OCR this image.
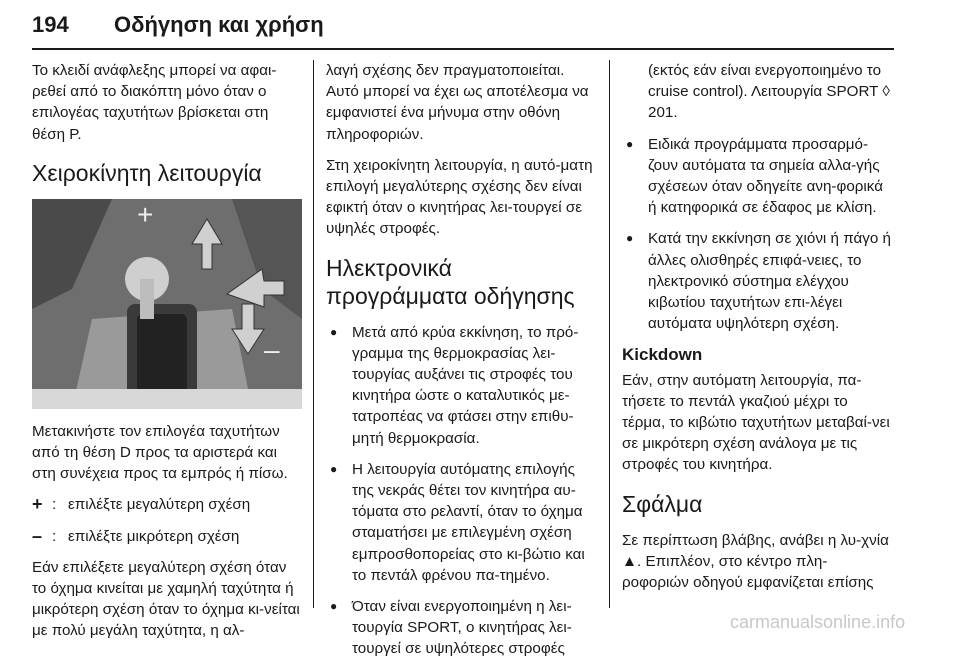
194 Οδήγηση και χρήση

Το κλειδί ανάφλεξης μπορεί να αφαι-ρεθεί από το διακόπτη μόνο όταν ο επιλογέας ταχυτήτων βρίσκεται στη θέση P.

Χειροκίνητη λειτουργία
+
–

Μετακινήστε τον επιλογέα ταχυτήτων από τη θέση D προς τα αριστερά και στη συνέχεια προς τα εμπρός ή πίσω.

+ : επιλέξτε μεγαλύτερη σχέση
– : επιλέξτε μικρότερη σχέση

Εάν επιλέξετε μεγαλύτερη σχέση όταν το όχημα κινείται με χαμηλή ταχύτητα ή μικρότερη σχέση όταν το όχημα κι-νείται με πολύ μεγάλη ταχύτητα, η αλ-

λαγή σχέσης δεν πραγματοποιείται. Αυτό μπορεί να έχει ως αποτέλεσμα να εμφανιστεί ένα μήνυμα στην οθόνη πληροφοριών.

Στη χειροκίνητη λειτουργία, η αυτό-ματη επιλογή μεγαλύτερης σχέσης δεν είναι εφικτή όταν ο κινητήρας λει-τουργεί σε υψηλές στροφές.

Ηλεκτρονικά προγράμματα οδήγησης
● Μετά από κρύα εκκίνηση, το πρό-γραμμα της θερμοκρασίας λει-τουργίας αυξάνει τις στροφές του κινητήρα ώστε ο καταλυτικός με-τατροπέας να φτάσει στην επιθυ-μητή θερμοκρασία.
● Η λειτουργία αυτόματης επιλογής της νεκράς θέτει τον κινητήρα αυ-τόματα στο ρελαντί, όταν το όχημα σταματήσει με επιλεγμένη σχέση εμπροσθοπορείας στο κι-βώτιο και το πεντάλ φρένου πα-τημένο.
● Όταν είναι ενεργοποιημένη η λει-τουργία SPORT, ο κινητήρας λει-τουργεί σε υψηλότερες στροφές
(εκτός εάν είναι ενεργοποιημένο το cruise control). Λειτουργία SPORT ◊ 201.
● Ειδικά προγράμματα προσαρμό-ζουν αυτόματα τα σημεία αλλα-γής σχέσεων όταν οδηγείτε ανη-φορικά ή κατηφορικά σε έδαφος με κλίση.
● Κατά την εκκίνηση σε χιόνι ή πάγο ή άλλες ολισθηρές επιφά-νειες, το ηλεκτρονικό σύστημα ελέγχου κιβωτίου ταχυτήτων επι-λέγει αυτόματα υψηλότερη σχέση.
Kickdown

Εάν, στην αυτόματη λειτουργία, πα-τήσετε το πεντάλ γκαζιού μέχρι το τέρμα, το κιβώτιο ταχυτήτων μεταβαί-νει σε μικρότερη σχέση ανάλογα με τις στροφές του κινητήρα.

Σφάλμα

Σε περίπτωση βλάβης, ανάβει η λυ-χνία ▲. Επιπλέον, στο κέντρο πλη-ροφοριών οδηγού εμφανίζεται επίσης

carmanualsonline.info
